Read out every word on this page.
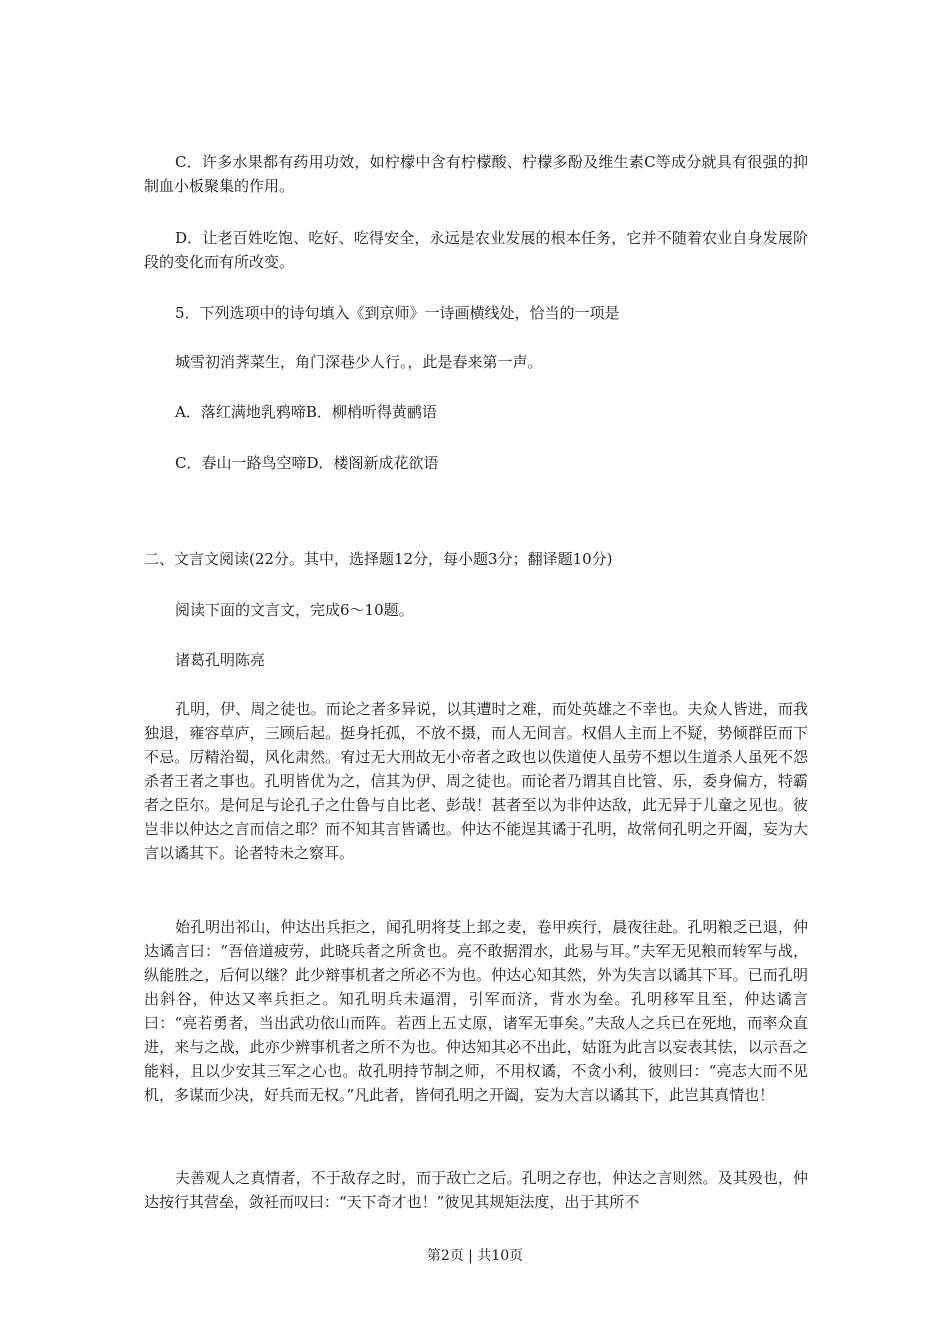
C．许多水果都有药用功效，如柠檬中含有柠檬酸、柠檬多酚及维生素C等成分就具有很强的抑制血小板聚集的作用。

D．让老百姓吃饱、吃好、吃得安全，永远是农业发展的根本任务，它并不随着农业自身发展阶段的变化而有所改变。

5．下列选项中的诗句填入《到京师》一诗画横线处，恰当的一项是

城雪初消荠菜生，角门深巷少人行。，此是春来第一声。

A．落红满地乳鸦啼B．柳梢听得黄鹂语

C．春山一路鸟空啼D．楼阁新成花欲语

二、文言文阅读(22分。其中，选择题12分，每小题3分；翻译题10分)

阅读下面的文言文，完成6～10题。

诸葛孔明陈亮

孔明，伊、周之徒也。而论之者多异说，以其遭时之难，而处英雄之不幸也。夫众人皆进，而我独退，雍容草庐，三顾后起。挺身托孤，不放不摄，而人无间言。权倡人主而上不疑，势倾群臣而下不忌。厉精治蜀，风化肃然。宥过无大刑故无小帝者之政也以佚道使人虽劳不想以生道杀人虽死不怨杀者王者之事也。孔明皆优为之，信其为伊、周之徒也。而论者乃谓其自比管、乐，委身偏方，特霸者之臣尔。是何足与论孔子之仕鲁与自比老、彭哉！甚者至以为非仲达敌，此无异于儿童之见也。彼岂非以仲达之言而信之耶？而不知其言皆谲也。仲达不能逞其谲于孔明，故常伺孔明之开阖，妄为大言以谲其下。论者特未之察耳。

始孔明出祁山，仲达出兵拒之，闻孔明将芟上邽之麦，卷甲疾行，晨夜往赴。孔明粮乏已退，仲达谲言曰：“吾倍道疲劳，此晓兵者之所贪也。亮不敢据渭水，此易与耳。”夫军无见粮而转军与战，纵能胜之，后何以继？此少辩事机者之所必不为也。仲达心知其然，外为失言以谲其下耳。已而孔明出斜谷，仲达又率兵拒之。知孔明兵未逼渭，引军而济，背水为垒。孔明移军且至，仲达谲言曰：“亮若勇者，当出武功依山而阵。若西上五丈原，诸军无事矣。”夫敌人之兵已在死地，而率众直进，来与之战，此亦少辨事机者之所不为也。仲达知其必不出此，姑诳为此言以妄表其怯，以示吾之能料，且以少安其三军之心也。故孔明持节制之师，不用权谲，不贪小利，彼则曰：“亮志大而不见机，多谋而少决，好兵而无权。”凡此者，皆伺孔明之开阖，妄为大言以谲其下，此岂其真情也！

夫善观人之真情者，不于敌存之时，而于敌亡之后。孔明之存也，仲达之言则然。及其殁也，仲达按行其营垒，敛衽而叹曰：“天下奇才也！”彼见其规矩法度，出于其所不

第2页 | 共10页
